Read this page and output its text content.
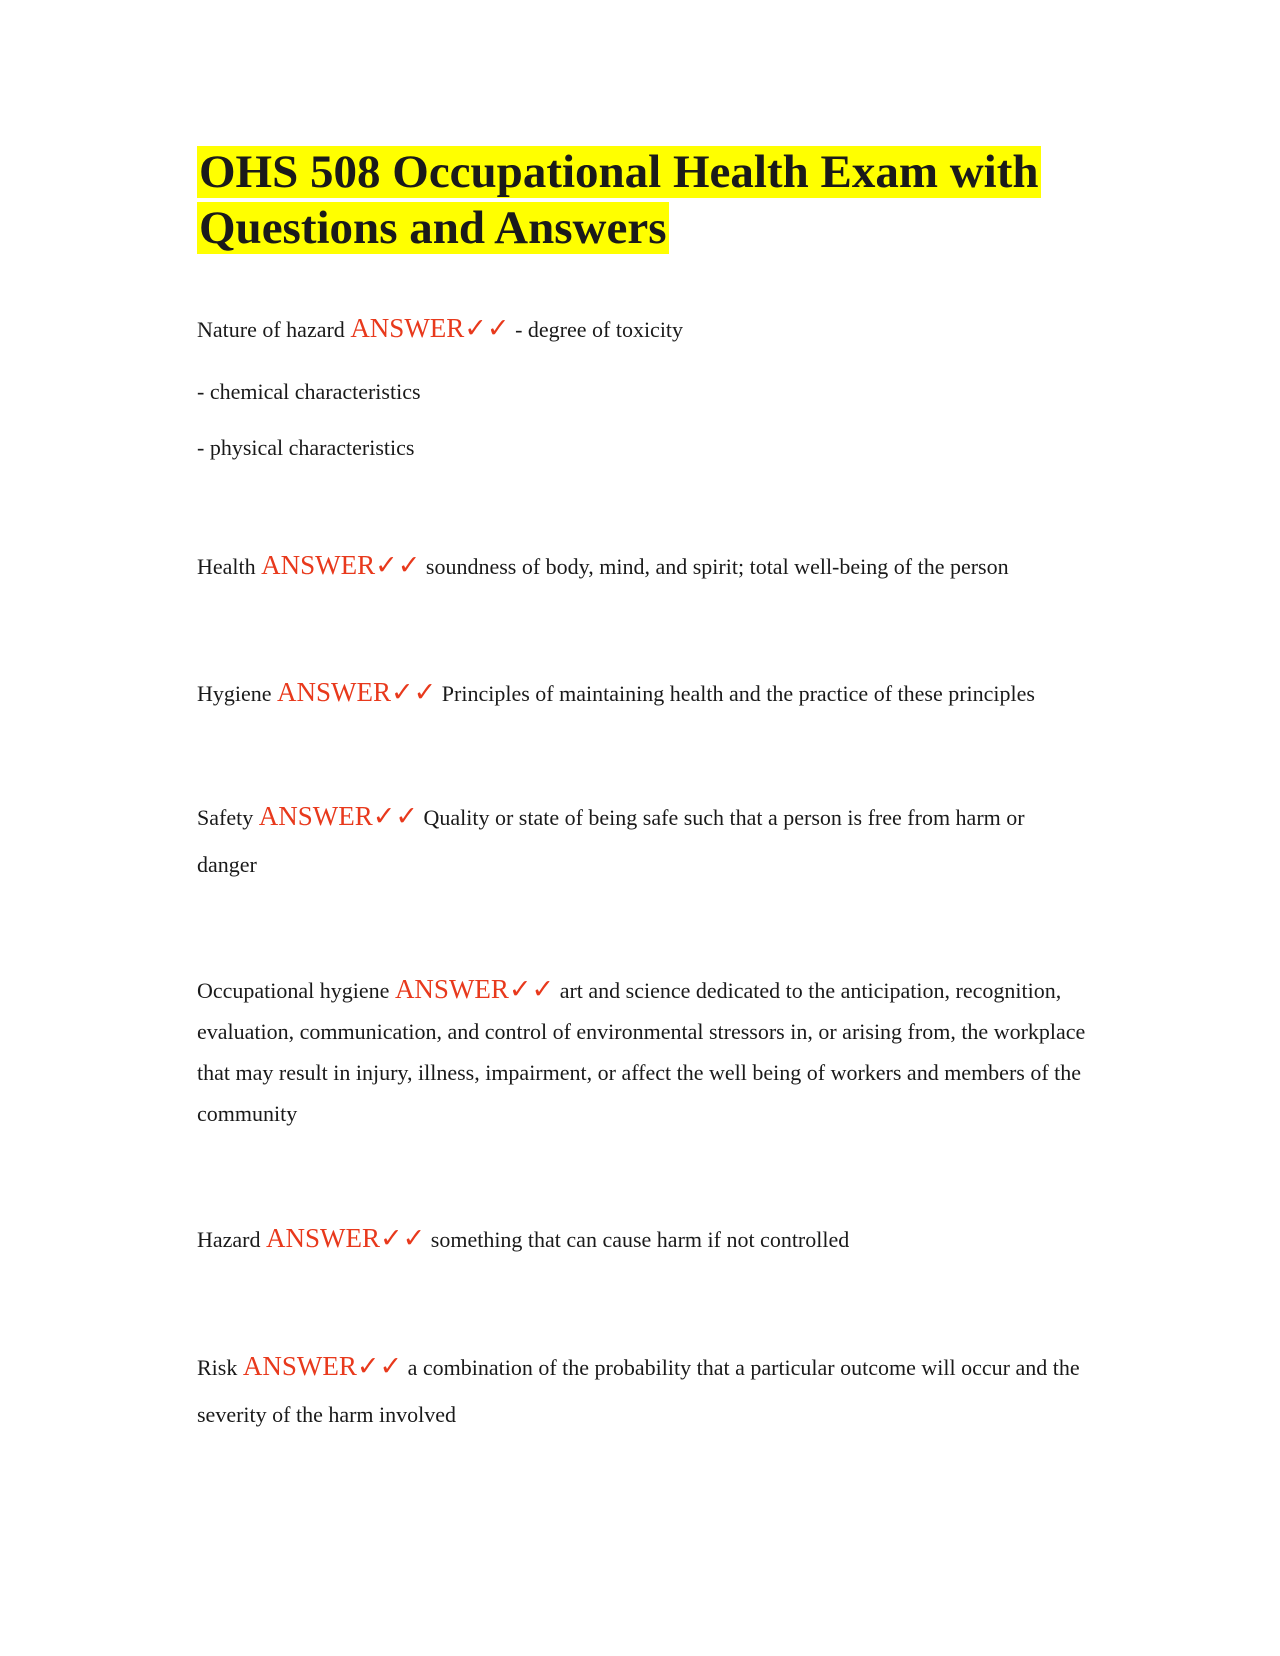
OHS 508 Occupational Health Exam with Questions and Answers

Nature of hazard ANSWER✓✓ - degree of toxicity

- chemical characteristics

- physical characteristics

Health ANSWER✓✓ soundness of body, mind, and spirit; total well-being of the person

Hygiene ANSWER✓✓ Principles of maintaining health and the practice of these principles

Safety ANSWER✓✓ Quality or state of being safe such that a person is free from harm or danger

Occupational hygiene ANSWER✓✓ art and science dedicated to the anticipation, recognition, evaluation, communication, and control of environmental stressors in, or arising from, the workplace that may result in injury, illness, impairment, or affect the well being of workers and members of the community

Hazard ANSWER✓✓ something that can cause harm if not controlled

Risk ANSWER✓✓ a combination of the probability that a particular outcome will occur and the severity of the harm involved
